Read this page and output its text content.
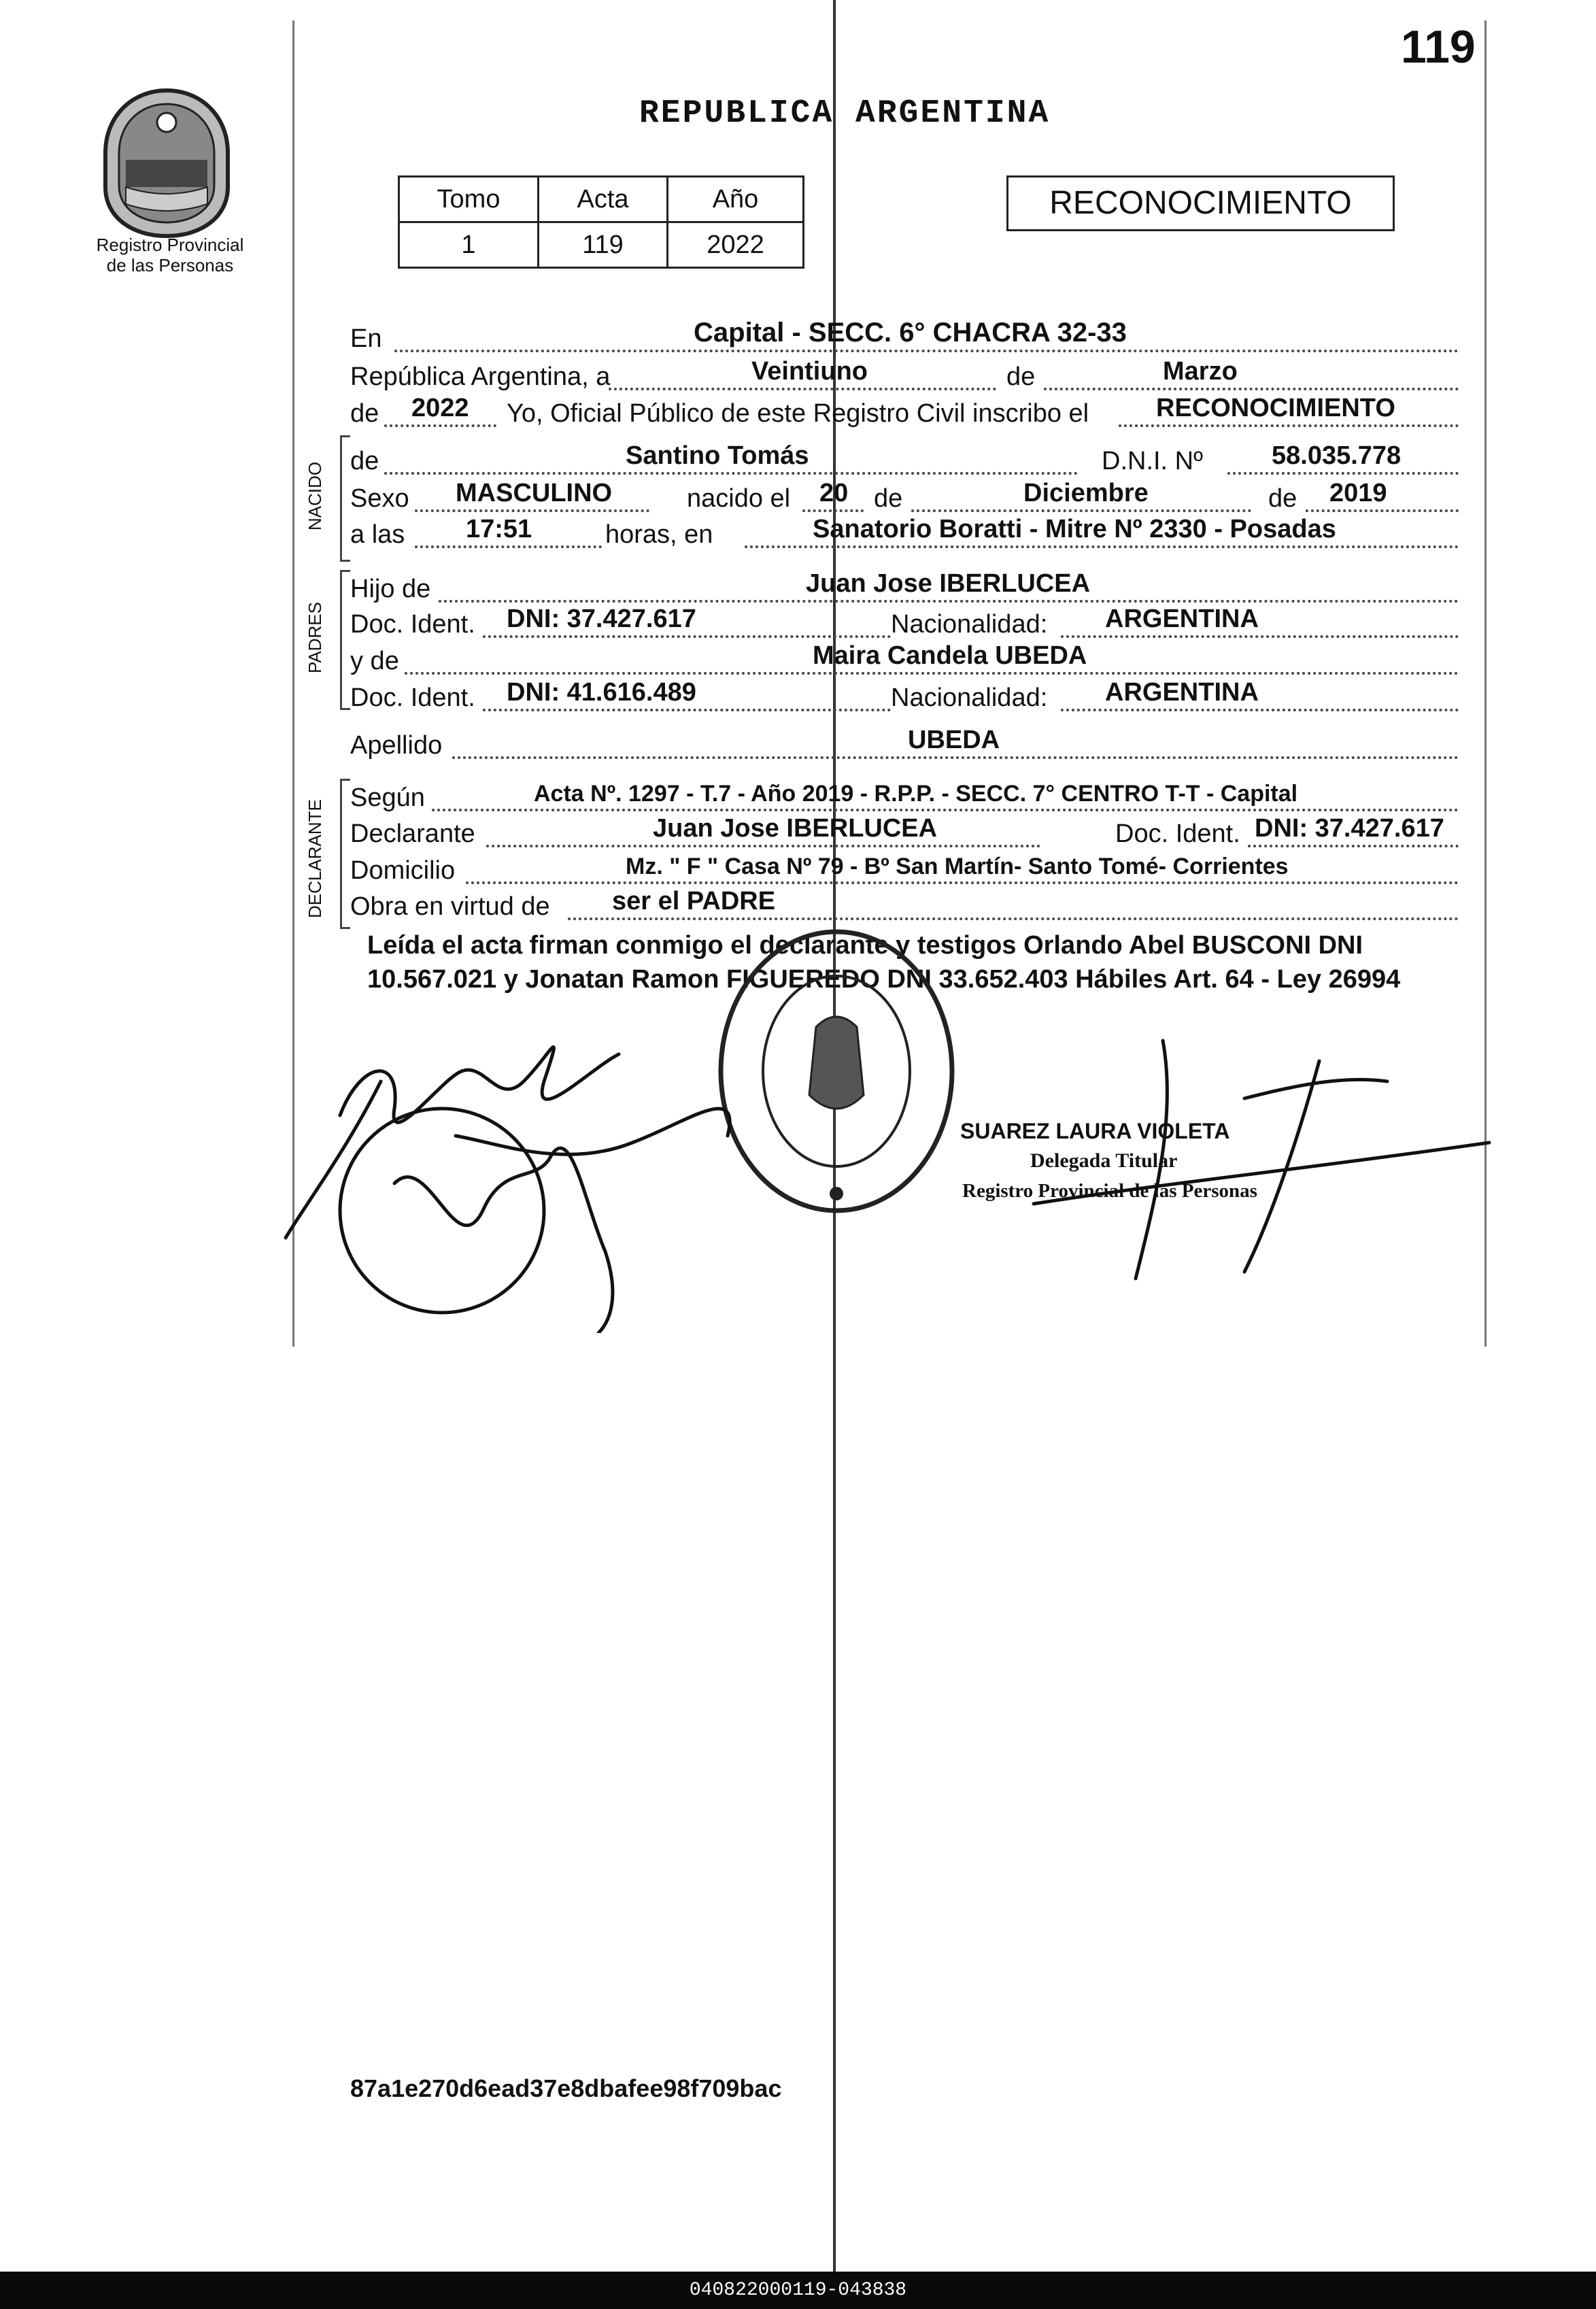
119
REPUBLICA ARGENTINA
Registro Provincial
de las Personas
Tomo	Acta	Año
1	119	2022
RECONOCIMIENTO
NACIDO
PADRES
DECLARANTE
En	Capital - SECC. 6° CHACRA 32-33
República Argentina, a	Veintiuno	de	Marzo
de 2022 Yo, Oficial Público de este Registro Civil inscribo el	RECONOCIMIENTO
de	Santino Tomás	D.N.I. Nº	58.035.778
Sexo MASCULINO	nacido el 20 de	Diciembre	de 2019
a las 17:51	horas, en	Sanatorio Boratti - Mitre Nº 2330 - Posadas
Hijo de	Juan Jose IBERLUCEA
Doc. Ident. DNI: 37.427.617	Nacionalidad: ARGENTINA
y de	Maira Candela UBEDA
Doc. Ident. DNI: 41.616.489	Nacionalidad: ARGENTINA
Apellido	UBEDA
Según	Acta Nº. 1297 - T.7 - Año 2019 - R.P.P. - SECC. 7° CENTRO T-T - Capital
Declarante	Juan Jose IBERLUCEA	Doc. Ident. DNI: 37.427.617
Domicilio	Mz. " F " Casa Nº 79 - Bº San Martín- Santo Tomé- Corrientes
Obra en virtud de ser el PADRE
Leída el acta firman conmigo el declarante y testigos Orlando Abel BUSCONI DNI 10.567.021 y Jonatan Ramon FIGUEREDO DNI 33.652.403 Hábiles Art. 64 - Ley 26994
SUAREZ LAURA VIOLETA
Delegada Titular
Registro Provincial de las Personas
87a1e270d6ead37e8dbafee98f709bac
040822000119-043838
